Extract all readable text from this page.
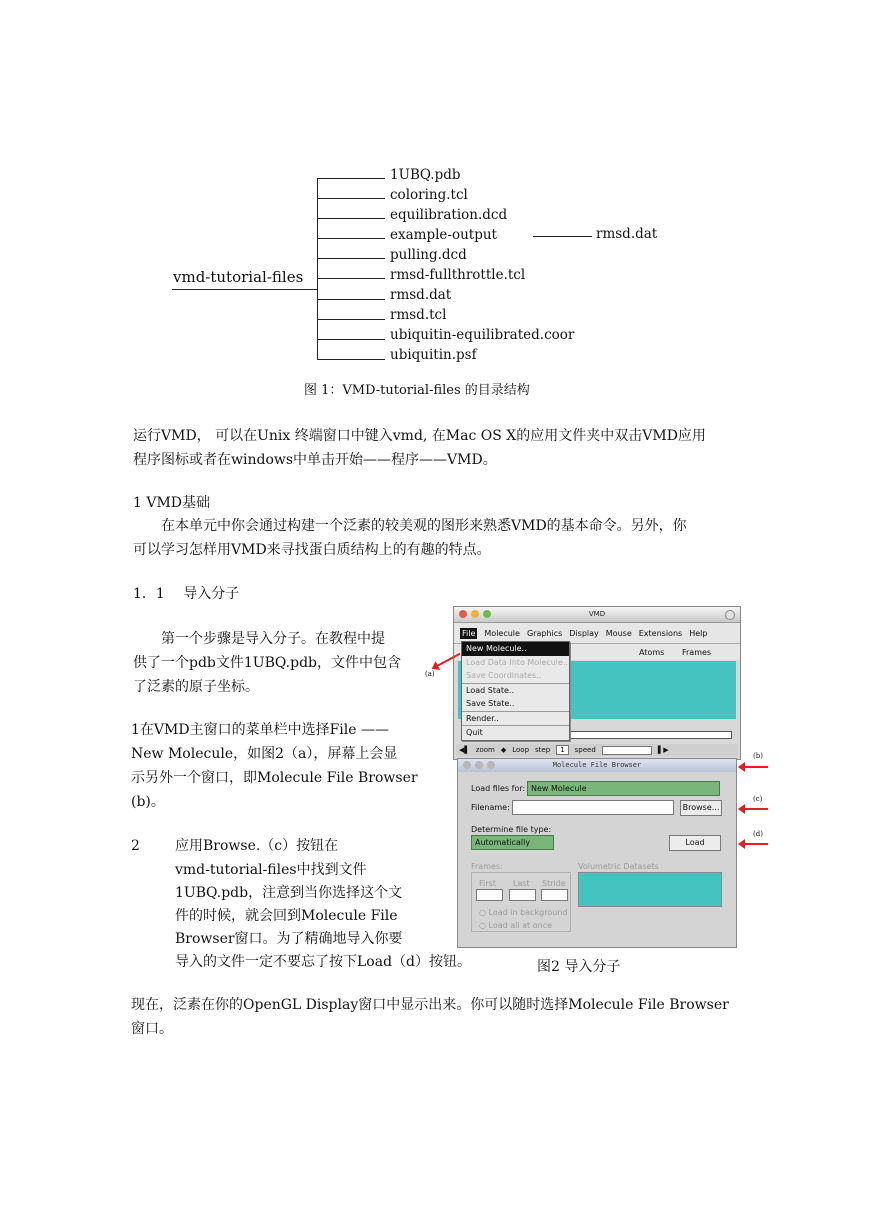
vmd-tutorial-files
1UBQ.pdb
coloring.tcl
equilibration.dcd
example-output
pulling.dcd
rmsd-fullthrottle.tcl
rmsd.dat
rmsd.tcl
ubiquitin-equilibrated.coor
ubiquitin.psf
rmsd.dat
图 1：VMD-tutorial-files 的目录结构
运行VMD， 可以在Unix 终端窗口中键入vmd, 在Mac OS X的应用文件夹中双击VMD应用
程序图标或者在windows中单击开始——程序——VMD。
1 VMD基础
在本单元中你会通过构建一个泛素的较美观的图形来熟悉VMD的基本命令。另外，你
可以学习怎样用VMD来寻找蛋白质结构上的有趣的特点。
1．1　 导入分子
第一个步骤是导入分子。在教程中提
供了一个pdb文件1UBQ.pdb，文件中包含
了泛素的原子坐标。
1在VMD主窗口的菜单栏中选择File ——
New Molecule，如图2（a），屏幕上会显
示另外一个窗口，即Molecule File Browser
(b)。
2	应用Browse.（c）按钮在
vmd-tutorial-files中找到文件
1UBQ.pdb，注意到当你选择这个文
件的时候，就会回到Molecule File
Browser窗口。为了精确地导入你要
导入的文件一定不要忘了按下Load（d）按钮。
VMD
File Molecule Graphics Display Mouse Extensions Help
Atoms Frames
◀▌ zoom ◆ Loop step	1	speed	▌▶
New Molecule..
Load Data Into Molecule..
Save Coordinates..
Load State..
Save State..
Render..
Quit
Molecule File Browser
Load files for: New Molecule
Filename:	Browse...
Determine file type:
Automatically	Load
Frames:	Volumetric Datasets
First Last Stride
○ Load in background
○ Load all at once
(a)
(b)
(c)
(d)
图2 导入分子
现在，泛素在你的OpenGL Display窗口中显示出来。你可以随时选择Molecule File Browser
窗口。
